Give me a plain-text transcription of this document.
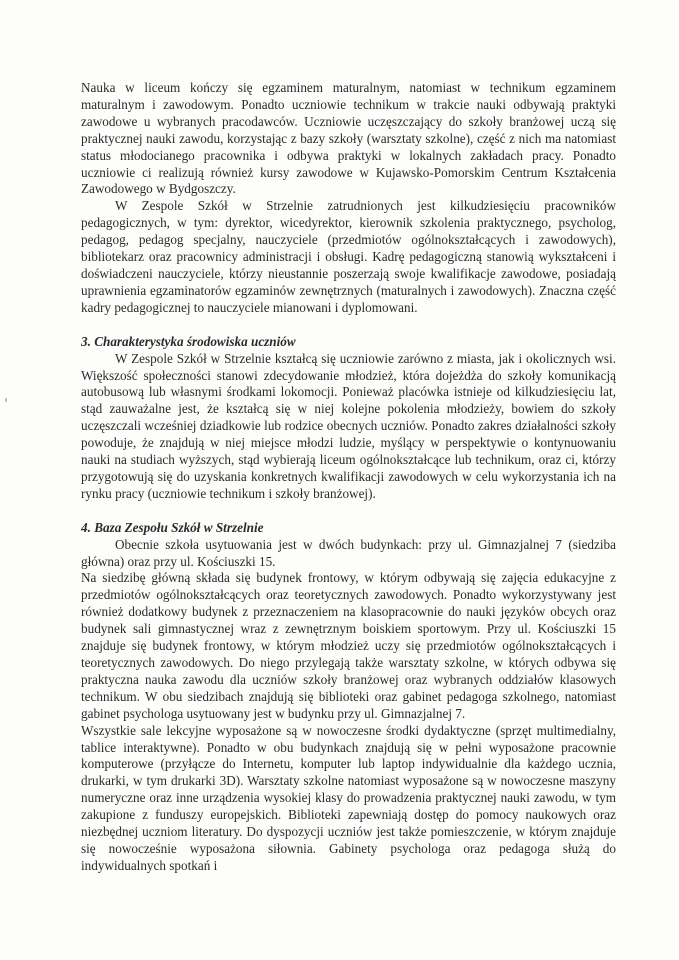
Nauka w liceum kończy się egzaminem maturalnym, natomiast w technikum egzaminem maturalnym i zawodowym. Ponadto uczniowie technikum w trakcie nauki odbywają praktyki zawodowe u wybranych pracodawców. Uczniowie uczęszczający do szkoły branżowej uczą się praktycznej nauki zawodu, korzystając z bazy szkoły (warsztaty szkolne), część z nich ma natomiast status młodocianego pracownika i odbywa praktyki w lokalnych zakładach pracy. Ponadto uczniowie ci realizują również kursy zawodowe w Kujawsko-Pomorskim Centrum Kształcenia Zawodowego w Bydgoszczy.

W Zespole Szkół w Strzelnie zatrudnionych jest kilkudziesięciu pracowników pedagogicznych, w tym: dyrektor, wicedyrektor, kierownik szkolenia praktycznego, psycholog, pedagog, pedagog specjalny, nauczyciele (przedmiotów ogólnokształcących i zawodowych), bibliotekarz oraz pracownicy administracji i obsługi. Kadrę pedagogiczną stanowią wykształceni i doświadczeni nauczyciele, którzy nieustannie poszerzają swoje kwalifikacje zawodowe, posiadają uprawnienia egzaminatorów egzaminów zewnętrznych (maturalnych i zawodowych). Znaczna część kadry pedagogicznej to nauczyciele mianowani i dyplomowani.

3. Charakterystyka środowiska uczniów

W Zespole Szkół w Strzelnie kształcą się uczniowie zarówno z miasta, jak i okolicznych wsi. Większość społeczności stanowi zdecydowanie młodzież, która dojeżdża do szkoły komunikacją autobusową lub własnymi środkami lokomocji. Ponieważ placówka istnieje od kilkudziesięciu lat, stąd zauważalne jest, że kształcą się w niej kolejne pokolenia młodzieży, bowiem do szkoły uczęszczali wcześniej dziadkowie lub rodzice obecnych uczniów. Ponadto zakres działalności szkoły powoduje, że znajdują w niej miejsce młodzi ludzie, myślący w perspektywie o kontynuowaniu nauki na studiach wyższych, stąd wybierają liceum ogólnokształcące lub technikum, oraz ci, którzy przygotowują się do uzyskania konkretnych kwalifikacji zawodowych w celu wykorzystania ich na rynku pracy (uczniowie technikum i szkoły branżowej).

4. Baza Zespołu Szkół w Strzelnie

Obecnie szkoła usytuowania jest w dwóch budynkach: przy ul. Gimnazjalnej 7 (siedziba główna) oraz przy ul. Kościuszki 15.

Na siedzibę główną składa się budynek frontowy, w którym odbywają się zajęcia edukacyjne z przedmiotów ogólnokształcących oraz teoretycznych zawodowych. Ponadto wykorzystywany jest również dodatkowy budynek z przeznaczeniem na klasopracownie do nauki języków obcych oraz budynek sali gimnastycznej wraz z zewnętrznym boiskiem sportowym. Przy ul. Kościuszki 15 znajduje się budynek frontowy, w którym młodzież uczy się przedmiotów ogólnokształcących i teoretycznych zawodowych. Do niego przylegają także warsztaty szkolne, w których odbywa się praktyczna nauka zawodu dla uczniów szkoły branżowej oraz wybranych oddziałów klasowych technikum. W obu siedzibach znajdują się biblioteki oraz gabinet pedagoga szkolnego, natomiast gabinet psychologa usytuowany jest w budynku przy ul. Gimnazjalnej 7.

Wszystkie sale lekcyjne wyposażone są w nowoczesne środki dydaktyczne (sprzęt multimedialny, tablice interaktywne). Ponadto w obu budynkach znajdują się w pełni wyposażone pracownie komputerowe (przyłącze do Internetu, komputer lub laptop indywidualnie dla każdego ucznia, drukarki, w tym drukarki 3D). Warsztaty szkolne natomiast wyposażone są w nowoczesne maszyny numeryczne oraz inne urządzenia wysokiej klasy do prowadzenia praktycznej nauki zawodu, w tym zakupione z funduszy europejskich. Biblioteki zapewniają dostęp do pomocy naukowych oraz niezbędnej uczniom literatury. Do dyspozycji uczniów jest także pomieszczenie, w którym znajduje się nowocześnie wyposażona siłownia. Gabinety psychologa oraz pedagoga służą do indywidualnych spotkań i
